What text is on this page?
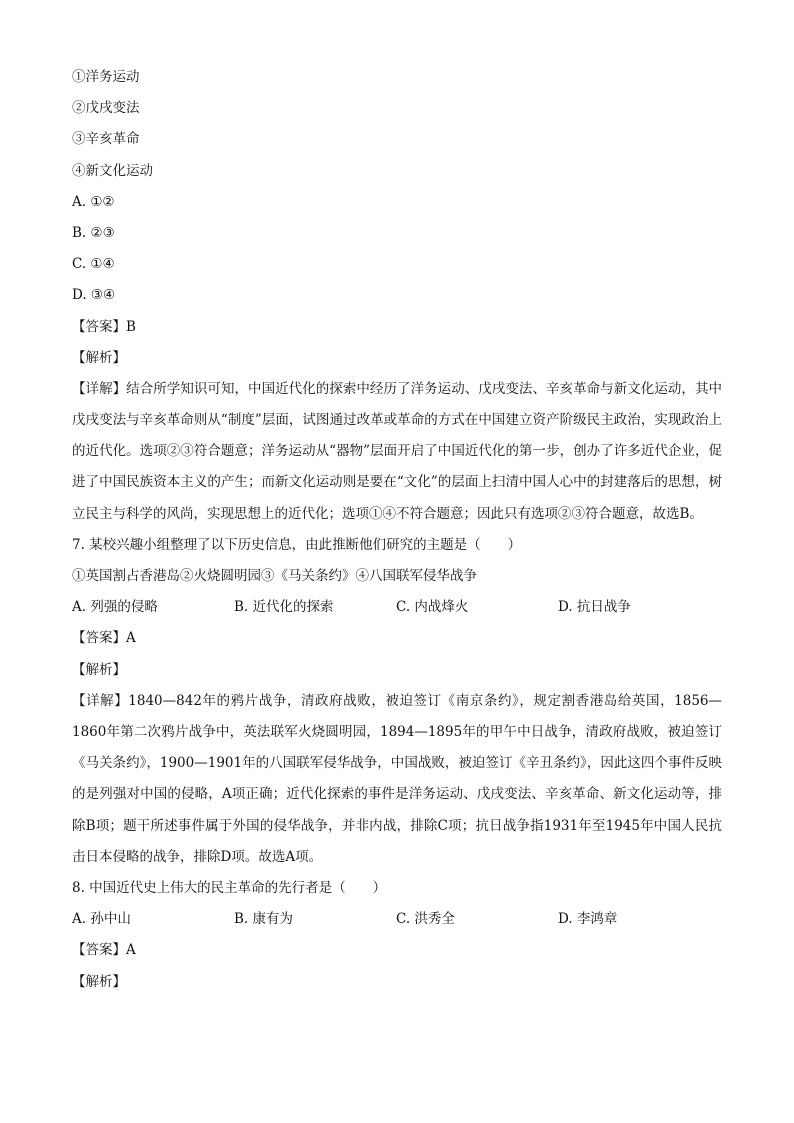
①洋务运动
②戊戌变法
③辛亥革命
④新文化运动
A. ①②
B. ②③
C. ①④
D. ③④
【答案】B
【解析】
【详解】结合所学知识可知，中国近代化的探索中经历了洋务运动、戊戌变法、辛亥革命与新文化运动，其中戊戌变法与辛亥革命则从“制度”层面，试图通过改革或革命的方式在中国建立资产阶级民主政治，实现政治上的近代化。选项②③符合题意；洋务运动从“器物”层面开启了中国近代化的第一步，创办了许多近代企业，促进了中国民族资本主义的产生；而新文化运动则是要在“文化”的层面上扫清中国人心中的封建落后的思想，树立民主与科学的风尚，实现思想上的近代化；选项①④不符合题意；因此只有选项②③符合题意，故选B。
7. 某校兴趣小组整理了以下历史信息，由此推断他们研究的主题是（　　）
①英国割占香港岛②火烧圆明园③《马关条约》④八国联军侵华战争
A. 列强的侵略	B. 近代化的探索	C. 内战烽火	D. 抗日战争
【答案】A
【解析】
【详解】1840—842年的鸦片战争，清政府战败，被迫签订《南京条约》，规定割香港岛给英国，1856—1860年第二次鸦片战争中，英法联军火烧圆明园，1894—1895年的甲午中日战争，清政府战败，被迫签订《马关条约》，1900—1901年的八国联军侵华战争，中国战败，被迫签订《辛丑条约》，因此这四个事件反映的是列强对中国的侵略，A项正确；近代化探索的事件是洋务运动、戊戌变法、辛亥革命、新文化运动等，排除B项；题干所述事件属于外国的侵华战争，并非内战，排除C项；抗日战争指1931年至1945年中国人民抗击日本侵略的战争，排除D项。故选A项。
8. 中国近代史上伟大的民主革命的先行者是（　　）
A. 孙中山	B. 康有为	C. 洪秀全	D. 李鸿章
【答案】A
【解析】
